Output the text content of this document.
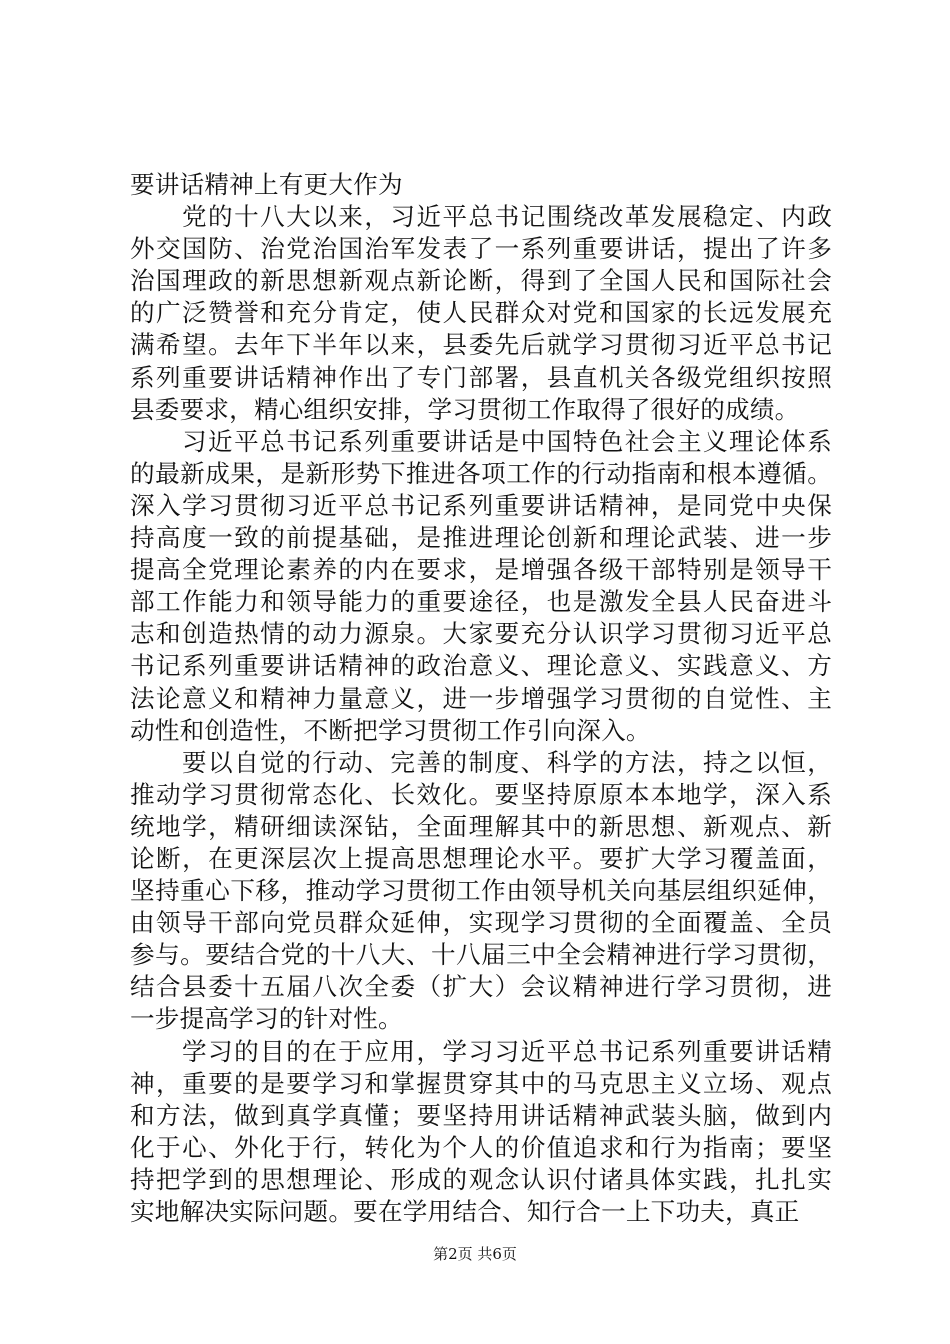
要讲话精神上有更大作为
党的十八大以来，习近平总书记围绕改革发展稳定、内政
外交国防、治党治国治军发表了一系列重要讲话，提出了许多
治国理政的新思想新观点新论断，得到了全国人民和国际社会
的广泛赞誉和充分肯定，使人民群众对党和国家的长远发展充
满希望。去年下半年以来，县委先后就学习贯彻习近平总书记
系列重要讲话精神作出了专门部署，县直机关各级党组织按照
县委要求，精心组织安排，学习贯彻工作取得了很好的成绩。
习近平总书记系列重要讲话是中国特色社会主义理论体系
的最新成果，是新形势下推进各项工作的行动指南和根本遵循。
深入学习贯彻习近平总书记系列重要讲话精神，是同党中央保
持高度一致的前提基础，是推进理论创新和理论武装、进一步
提高全党理论素养的内在要求，是增强各级干部特别是领导干
部工作能力和领导能力的重要途径，也是激发全县人民奋进斗
志和创造热情的动力源泉。大家要充分认识学习贯彻习近平总
书记系列重要讲话精神的政治意义、理论意义、实践意义、方
法论意义和精神力量意义，进一步增强学习贯彻的自觉性、主
动性和创造性，不断把学习贯彻工作引向深入。
要以自觉的行动、完善的制度、科学的方法，持之以恒，
推动学习贯彻常态化、长效化。要坚持原原本本地学，深入系
统地学，精研细读深钻，全面理解其中的新思想、新观点、新
论断，在更深层次上提高思想理论水平。要扩大学习覆盖面，
坚持重心下移，推动学习贯彻工作由领导机关向基层组织延伸，
由领导干部向党员群众延伸，实现学习贯彻的全面覆盖、全员
参与。要结合党的十八大、十八届三中全会精神进行学习贯彻，
结合县委十五届八次全委（扩大）会议精神进行学习贯彻，进
一步提高学习的针对性。
学习的目的在于应用，学习习近平总书记系列重要讲话精
神，重要的是要学习和掌握贯穿其中的马克思主义立场、观点
和方法，做到真学真懂；要坚持用讲话精神武装头脑，做到内
化于心、外化于行，转化为个人的价值追求和行为指南；要坚
持把学到的思想理论、形成的观念认识付诸具体实践，扎扎实
实地解决实际问题。要在学用结合、知行合一上下功夫，真正
第2页 共6页
